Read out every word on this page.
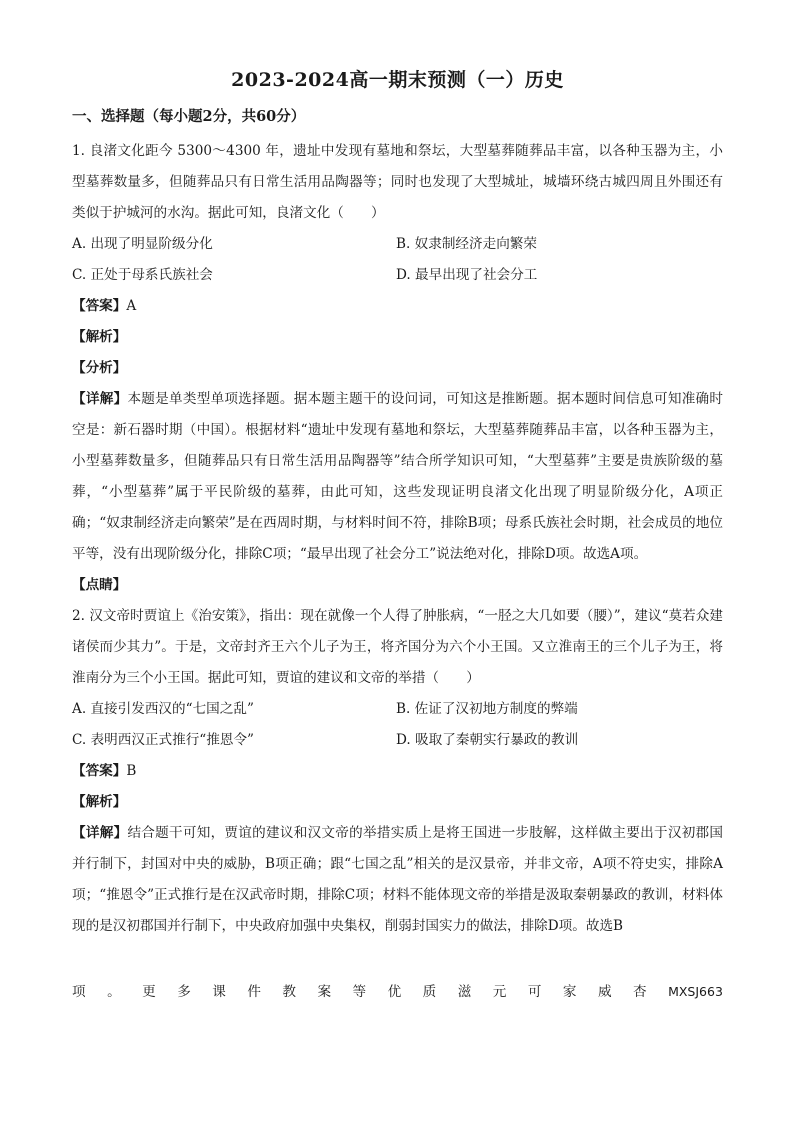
2023-2024高一期末预测（一）历史
一、选择题（每小题2分，共60分）

1. 良渚文化距今 5300～4300 年，遗址中发现有墓地和祭坛，大型墓葬随葬品丰富，以各种玉器为主，小型墓葬数量多，但随葬品只有日常生活用品陶器等；同时也发现了大型城址，城墙环绕古城四周且外围还有类似于护城河的水沟。据此可知，良渚文化（　　）

A. 出现了明显阶级分化	B. 奴隶制经济走向繁荣
C. 正处于母系氏族社会	D. 最早出现了社会分工

【答案】A

【解析】

【分析】

【详解】本题是单类型单项选择题。据本题主题干的设问词，可知这是推断题。据本题时间信息可知准确时空是：新石器时期（中国）。根据材料“遗址中发现有墓地和祭坛，大型墓葬随葬品丰富，以各种玉器为主，小型墓葬数量多，但随葬品只有日常生活用品陶器等”结合所学知识可知，“大型墓葬”主要是贵族阶级的墓葬，“小型墓葬”属于平民阶级的墓葬，由此可知，这些发现证明良渚文化出现了明显阶级分化，A项正确；“奴隶制经济走向繁荣”是在西周时期，与材料时间不符，排除B项；母系氏族社会时期，社会成员的地位平等，没有出现阶级分化，排除C项；“最早出现了社会分工”说法绝对化，排除D项。故选A项。

【点睛】

2. 汉文帝时贾谊上《治安策》，指出：现在就像一个人得了肿胀病，“一胫之大几如要（腰）”，建议“莫若众建诸侯而少其力”。于是，文帝封齐王六个儿子为王，将齐国分为六个小王国。又立淮南王的三个儿子为王，将淮南分为三个小王国。据此可知，贾谊的建议和文帝的举措（　　）

A. 直接引发西汉的“七国之乱”	B. 佐证了汉初地方制度的弊端
C. 表明西汉正式推行“推恩令”	D. 吸取了秦朝实行暴政的教训

【答案】B

【解析】

【详解】结合题干可知，贾谊的建议和汉文帝的举措实质上是将王国进一步肢解，这样做主要出于汉初郡国并行制下，封国对中央的威胁，B项正确；跟“七国之乱”相关的是汉景帝，并非文帝，A项不符史实，排除A项；“推恩令”正式推行是在汉武帝时期，排除C项；材料不能体现文帝的举措是汲取秦朝暴政的教训，材料体现的是汉初郡国并行制下，中央政府加强中央集权，削弱封国实力的做法，排除D项。故选B

项 。 更 多 课 件 教 案 等 优 质 滋 元 可 家 威 杏 MXSJ663
